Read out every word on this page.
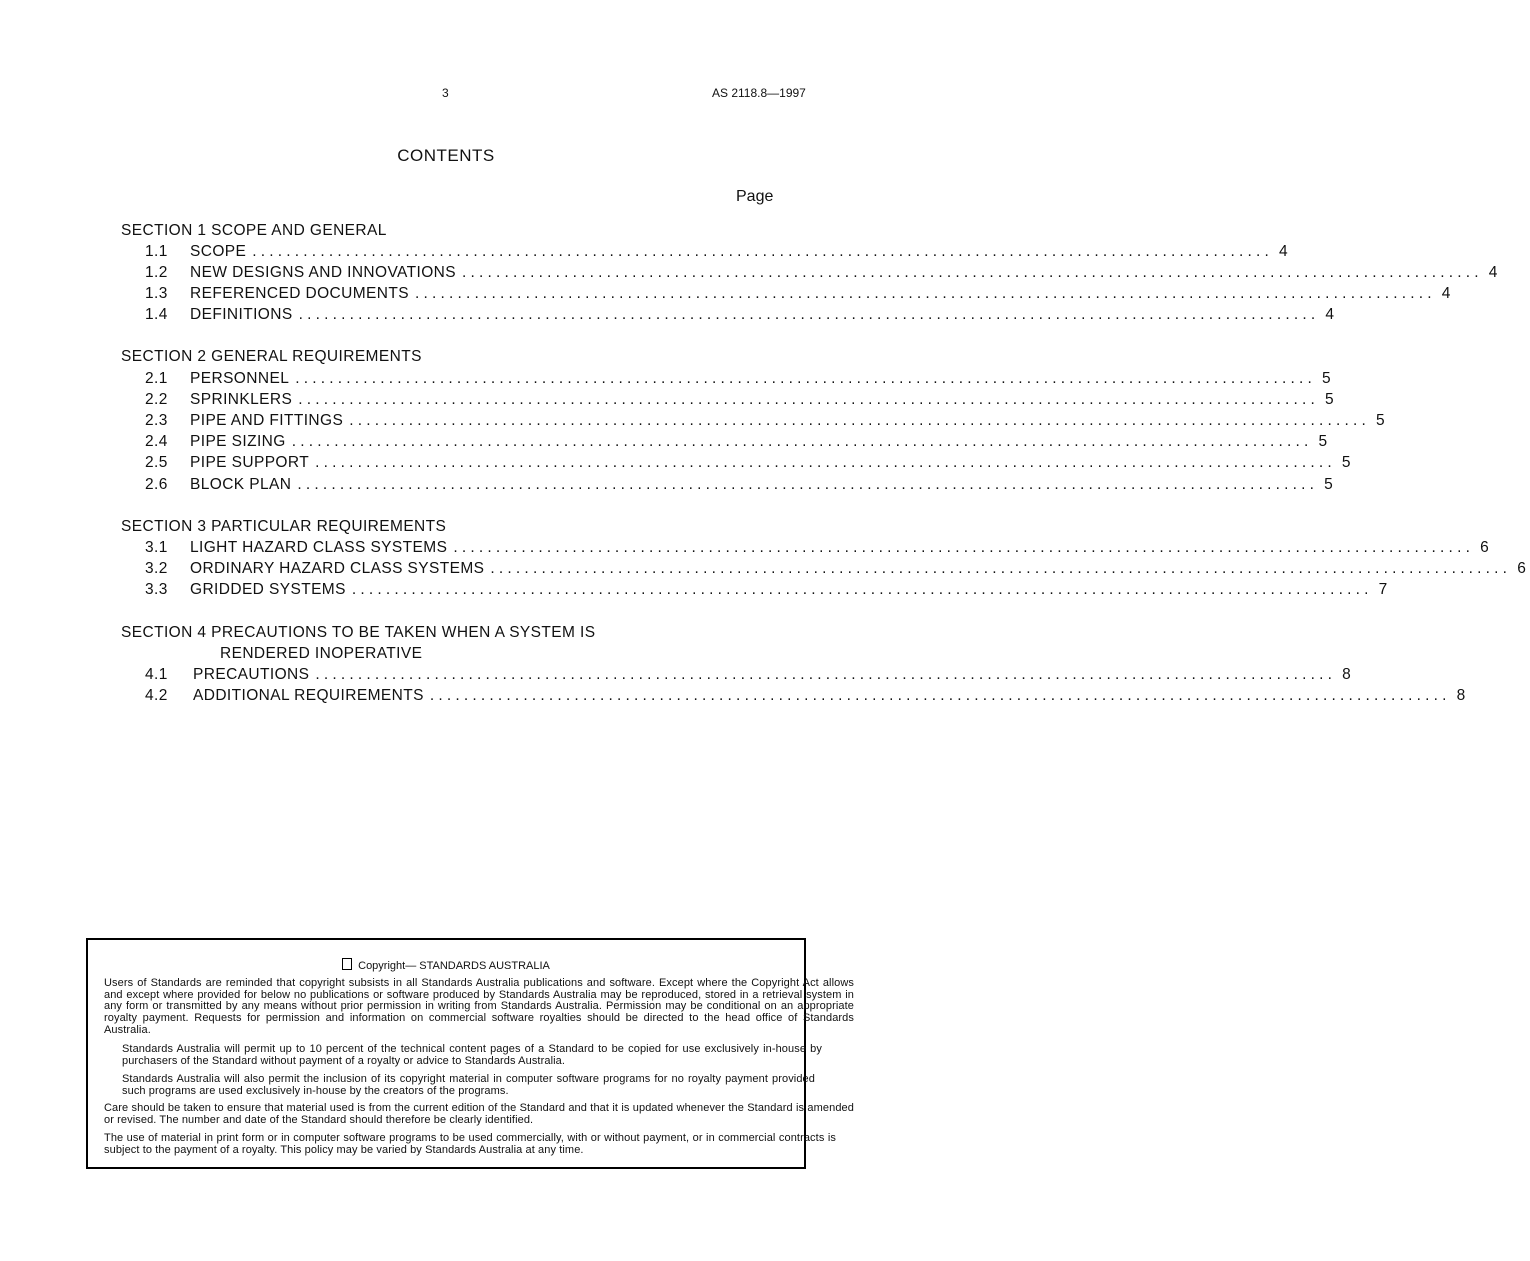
3	AS 2118.8—1997
CONTENTS
Page
SECTION 1 SCOPE AND GENERAL
1.1 SCOPE ........................................................................................................................ 4
1.2 NEW DESIGNS AND INNOVATIONS ........................................................................................................................ 4
1.3 REFERENCED DOCUMENTS ........................................................................................................................ 4
1.4 DEFINITIONS ........................................................................................................................ 4
SECTION 2 GENERAL REQUIREMENTS
2.1 PERSONNEL ........................................................................................................................ 5
2.2 SPRINKLERS ........................................................................................................................ 5
2.3 PIPE AND FITTINGS ........................................................................................................................ 5
2.4 PIPE SIZING ........................................................................................................................ 5
2.5 PIPE SUPPORT ........................................................................................................................ 5
2.6 BLOCK PLAN ........................................................................................................................ 5
SECTION 3 PARTICULAR REQUIREMENTS
3.1 LIGHT HAZARD CLASS SYSTEMS ........................................................................................................................ 6
3.2 ORDINARY HAZARD CLASS SYSTEMS ........................................................................................................................ 6
3.3 GRIDDED SYSTEMS ........................................................................................................................ 7
SECTION 4 PRECAUTIONS TO BE TAKEN WHEN A SYSTEM IS
RENDERED INOPERATIVE
4.1 PRECAUTIONS ........................................................................................................................ 8
4.2 ADDITIONAL REQUIREMENTS ........................................................................................................................ 8
Copyright— STANDARDS AUSTRALIA
Users of Standards are reminded that copyright subsists in all Standards Australia publications and software. Except where the Copyright Act allows and except where provided for below no publications or software produced by Standards Australia may be reproduced, stored in a retrieval system in any form or transmitted by any means without prior permission in writing from Standards Australia. Permission may be conditional on an appropriate royalty payment. Requests for permission and information on commercial software royalties should be directed to the head office of Standards Australia.
Standards Australia will permit up to 10 percent of the technical content pages of a Standard to be copied for use exclusively in-house by purchasers of the Standard without payment of a royalty or advice to Standards Australia.
Standards Australia will also permit the inclusion of its copyright material in computer software programs for no royalty payment provided such programs are used exclusively in-house by the creators of the programs.
Care should be taken to ensure that material used is from the current edition of the Standard and that it is updated whenever the Standard is amended or revised. The number and date of the Standard should therefore be clearly identified.
The use of material in print form or in computer software programs to be used commercially, with or without payment, or in commercial contracts is subject to the payment of a royalty. This policy may be varied by Standards Australia at any time.
